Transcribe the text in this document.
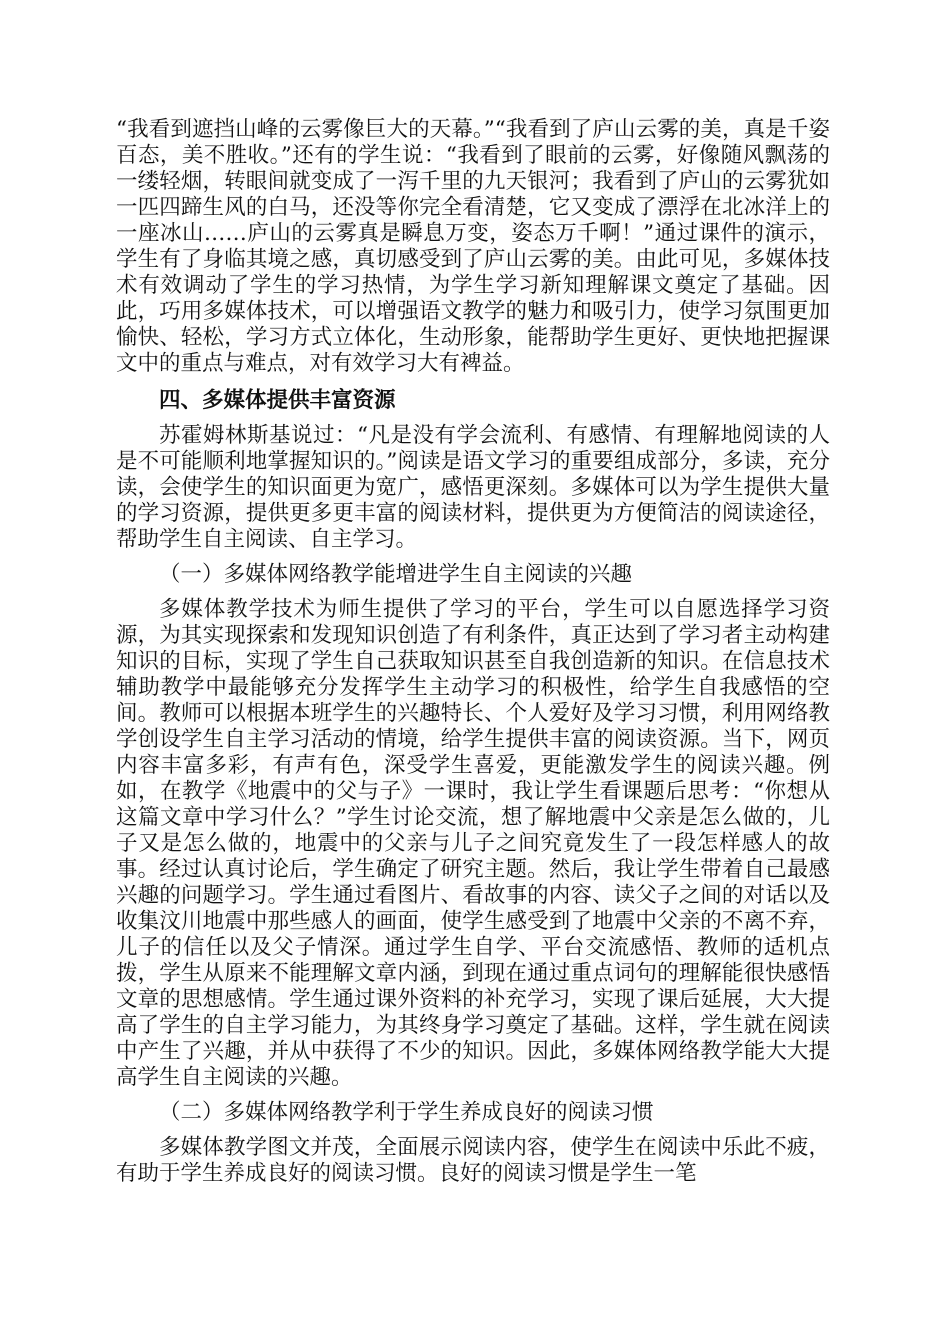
“我看到遮挡山峰的云雾像巨大的天幕。”“我看到了庐山云雾的美，真是千姿百态，美不胜收。”还有的学生说：“我看到了眼前的云雾，好像随风飘荡的一缕轻烟，转眼间就变成了一泻千里的九天银河；我看到了庐山的云雾犹如一匹四蹄生风的白马，还没等你完全看清楚，它又变成了漂浮在北冰洋上的一座冰山……庐山的云雾真是瞬息万变，姿态万千啊！”通过课件的演示，学生有了身临其境之感，真切感受到了庐山云雾的美。由此可见，多媒体技术有效调动了学生的学习热情，为学生学习新知理解课文奠定了基础。因此，巧用多媒体技术，可以增强语文教学的魅力和吸引力，使学习氛围更加愉快、轻松，学习方式立体化，生动形象，能帮助学生更好、更快地把握课文中的重点与难点，对有效学习大有裨益。

四、多媒体提供丰富资源

苏霍姆林斯基说过：“凡是没有学会流利、有感情、有理解地阅读的人是不可能顺利地掌握知识的。”阅读是语文学习的重要组成部分，多读，充分读，会使学生的知识面更为宽广，感悟更深刻。多媒体可以为学生提供大量的学习资源，提供更多更丰富的阅读材料，提供更为方便简洁的阅读途径，帮助学生自主阅读、自主学习。

（一）多媒体网络教学能增进学生自主阅读的兴趣

多媒体教学技术为师生提供了学习的平台，学生可以自愿选择学习资源，为其实现探索和发现知识创造了有利条件，真正达到了学习者主动构建知识的目标，实现了学生自己获取知识甚至自我创造新的知识。在信息技术辅助教学中最能够充分发挥学生主动学习的积极性，给学生自我感悟的空间。教师可以根据本班学生的兴趣特长、个人爱好及学习习惯，利用网络教学创设学生自主学习活动的情境，给学生提供丰富的阅读资源。当下，网页内容丰富多彩，有声有色，深受学生喜爱，更能激发学生的阅读兴趣。例如，在教学《地震中的父与子》一课时，我让学生看课题后思考：“你想从这篇文章中学习什么？”学生讨论交流，想了解地震中父亲是怎么做的，儿子又是怎么做的，地震中的父亲与儿子之间究竟发生了一段怎样感人的故事。经过认真讨论后，学生确定了研究主题。然后，我让学生带着自己最感兴趣的问题学习。学生通过看图片、看故事的内容、读父子之间的对话以及收集汶川地震中那些感人的画面，使学生感受到了地震中父亲的不离不弃，儿子的信任以及父子情深。通过学生自学、平台交流感悟、教师的适机点拨，学生从原来不能理解文章内涵，到现在通过重点词句的理解能很快感悟文章的思想感情。学生通过课外资料的补充学习，实现了课后延展，大大提高了学生的自主学习能力，为其终身学习奠定了基础。这样，学生就在阅读中产生了兴趣，并从中获得了不少的知识。因此，多媒体网络教学能大大提高学生自主阅读的兴趣。

（二）多媒体网络教学利于学生养成良好的阅读习惯

多媒体教学图文并茂，全面展示阅读内容，使学生在阅读中乐此不疲，有助于学生养成良好的阅读习惯。良好的阅读习惯是学生一笔
